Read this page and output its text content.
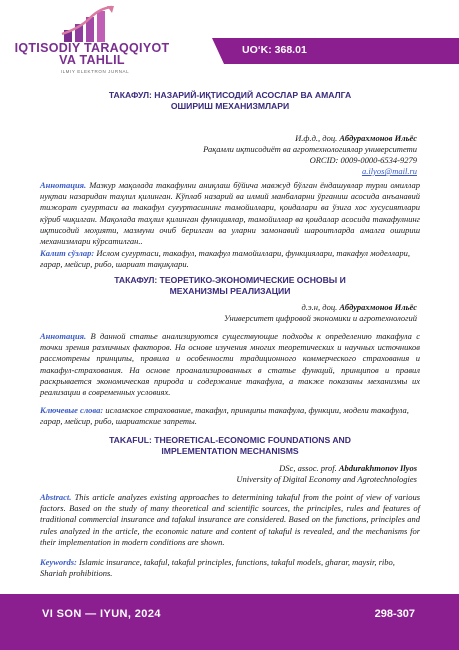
IQTISODIY TARAQQIYOT
VA TAHLIL
ILMIY ELEKTRON JURNAL
UO‘K: 368.01
ТАКАФУЛ: НАЗАРИЙ-ИҚТИСОДИЙ АСОСЛАР ВА АМАЛГА
ОШИРИШ МЕХАНИЗМЛАРИ
И.ф.д., доц. Абдурахмонов Ильёс
Рақамли иқтисодиёт ва агротехнологиялар университети
ORCID: 0009-0000-6534-9279
a.ilyos@mail.ru
Аннотация. Мазкур мақолада такафулни аниқлаш бўйича мавжуд бўлган ёндашувлар турли омиллар нуқтаи назаридан таҳлил қилинган. Кўплаб назарий ва илмий манбаларни ўрганиш асосида анъанавий тижорат суғуртаси ва такафул суғуртасининг тамойиллари, қоидалари ва ўзига хос хусусиятлари кўриб чиқилган. Мақолада таҳлил қилинган функциялар, тамойиллар ва қоидалар асосида такафулнинг иқтисодий моҳияти, мазмуни очиб берилган ва уларни замонавий шароитларда амалга ошириш механизмлари кўрсатилган..
Калит сўзлар: Ислом суғуртаси, такафул, такафул тамойиллари, функциялари, такафул моделлари, ғарар, мейсир, рибо, шариат тақиқлари.
ТАКАФУЛ: ТЕОРЕТИКО-ЭКОНОМИЧЕСКИЕ ОСНОВЫ И
МЕХАНИЗМЫ РЕАЛИЗАЦИИ
д.э.н, доц. Абдурахмонов Ильёс
Университет цифровой экономики и агротехнологий
Аннотация. В данной статье анализируются существующие подходы к определению такафула с точки зрения различных факторов. На основе изучения многих теоретических и научных источников рассмотрены принципы, правила и особенности традиционного коммерческого страхования и такафул-страхования. На основе проанализированных в статье функций, принципов и правил раскрывается экономическая природа и содержание такафула, а также показаны механизмы их реализации в современных условиях.
Ключевые слова: исламское страхование, такафул, принципы такафула, функции, модели такафула, гарар, мейсир, рибо, шариатские запреты.
TAKAFUL: THEORETICAL-ECONOMIC FOUNDATIONS AND
IMPLEMENTATION MECHANISMS
DSc, assoc. prof. Abdurakhmonov Ilyos
University of Digital Economy and Agrotechnologies
Abstract. This article analyzes existing approaches to determining takaful from the point of view of various factors. Based on the study of many theoretical and scientific sources, the principles, rules and features of traditional commercial insurance and tafakul insurance are considered. Based on the functions, principles and rules analyzed in the article, the economic nature and content of takaful is revealed, and the mechanisms for their implementation in modern conditions are shown.
Keywords: Islamic insurance, takaful, takaful principles, functions, takaful models, gharar, maysir, ribo, Shariah prohibitions.
VI SON — IYUN, 2024	298-307
